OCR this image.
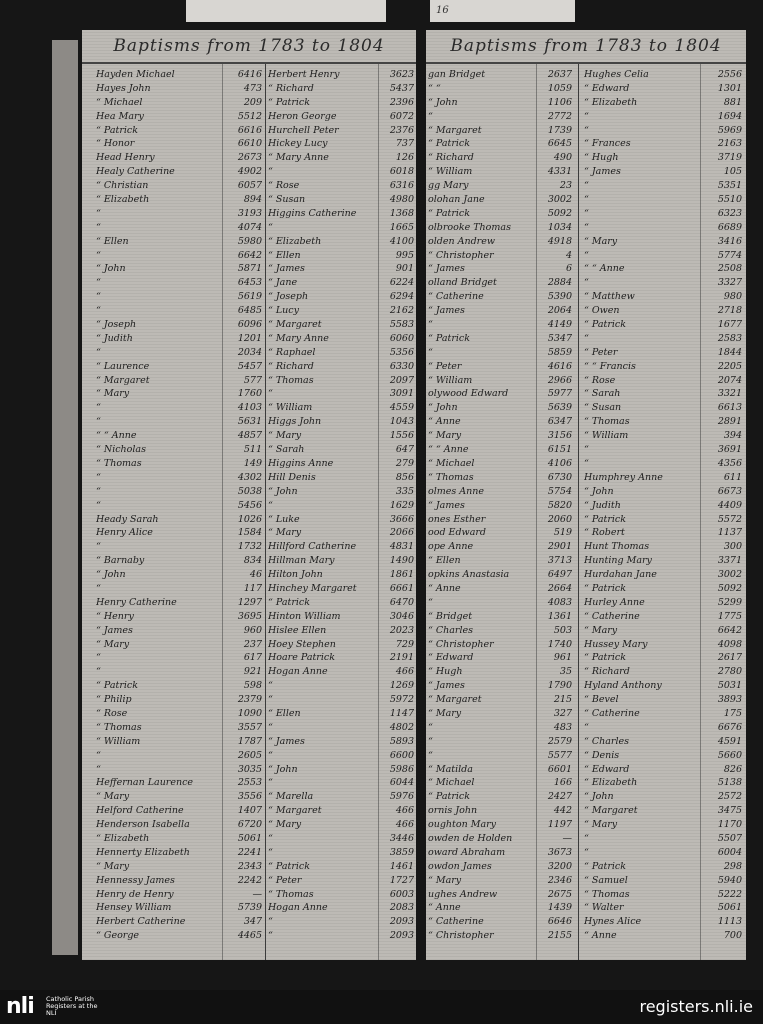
16
Baptisms from 1783 to 1804
Hayden Michael	6416 Herbert Henry	3623
Hayes John	473 “ Richard	5437
“ Michael	209 “ Patrick	2396
Hea Mary	5512 Heron George	6072
“ Patrick	6616 Hurchell Peter	2376
“ Honor	6610 Hickey Lucy	737
Head Henry	2673 “ Mary Anne	126
Healy Catherine	4902 “	6018
“ Christian	6057 “ Rose	6316
“ Elizabeth	894 “ Susan	4980
“	3193 Higgins Catherine	1368
“	4074 “	1665
“ Ellen	5980 “ Elizabeth	4100
“	6642 “ Ellen	995
“ John	5871 “ James	901
“	6453 “ Jane	6224
“	5619 “ Joseph	6294
“	6485 “ Lucy	2162
“ Joseph	6096 “ Margaret	5583
“ Judith	1201 “ Mary Anne	6060
“	2034 “ Raphael	5356
“ Laurence	5457 “ Richard	6330
“ Margaret	577 “ Thomas	2097
“ Mary	1760 “	3091
“	4103 “ William	4559
“	5631 Higgs John	1043
“ “ Anne	4857 “ Mary	1556
“ Nicholas	511 “ Sarah	647
“ Thomas	149 Higgins Anne	279
“	4302 Hill Denis	856
“	5038 “ John	335
“	5456 “	1629
Heady Sarah	1026 “ Luke	3666
Henry Alice	1584 “ Mary	2066
“	1732 Hillford Catherine	4831
“ Barnaby	834 Hillman Mary	1490
“ John	46 Hilton John	1861
“	117 Hinchey Margaret	6661
Henry Catherine	1297 “ Patrick	6470
“ Henry	3695 Hinton William	3046
“ James	960 Hislee Ellen	2023
“ Mary	237 Hoey Stephen	729
“	617 Hoare Patrick	2191
“	921 Hogan Anne	466
“ Patrick	598 “	1269
“ Philip	2379 “	5972
“ Rose	1090 “ Ellen	1147
“ Thomas	3557 “	4802
“ William	1787 “ James	5893
“	2605 “	6600
“	3035 “ John	5986
Heffernan Laurence	2553 “	6044
“ Mary	3556 “ Marella	5976
Helford Catherine	1407 “ Margaret	466
Henderson Isabella	6720 “ Mary	466
“ Elizabeth	5061 “	3446
Hennerty Elizabeth	2241 “	3859
“ Mary	2343 “ Patrick	1461
Hennessy James	2242 “ Peter	1727
Henry de Henry	— “ Thomas	6003
Hensey William	5739 Hogan Anne	2083
Herbert Catherine	347 “	2093
“ George	4465 “	2093
Baptisms from 1783 to 1804
gan Bridget	2637 Hughes Celia	2556
“ “	1059 “ Edward	1301
“ John	1106 “ Elizabeth	881
“	2772 “	1694
“ Margaret	1739 “	5969
“ Patrick	6645 “ Frances	2163
“ Richard	490 “ Hugh	3719
“ William	4331 “ James	105
gg Mary	23 “	5351
olohan Jane	3002 “	5510
“ Patrick	5092 “	6323
olbrooke Thomas	1034 “	6689
olden Andrew	4918 “ Mary	3416
“ Christopher	4 “	5774
“ James	6 “ “ Anne	2508
olland Bridget	2884 “	3327
“ Catherine	5390 “ Matthew	980
“ James	2064 “ Owen	2718
“	4149 “ Patrick	1677
“ Patrick	5347 “	2583
“	5859 “ Peter	1844
“ Peter	4616 “ “ Francis	2205
“ William	2966 “ Rose	2074
olywood Edward	5977 “ Sarah	3321
“ John	5639 “ Susan	6613
“ Anne	6347 “ Thomas	2891
“ Mary	3156 “ William	394
“ “ Anne	6151 “	3691
“ Michael	4106 “	4356
“ Thomas	6730 Humphrey Anne	611
olmes Anne	5754 “ John	6673
“ James	5820 “ Judith	4409
ones Esther	2060 “ Patrick	5572
ood Edward	519 “ Robert	1137
ope Anne	2901 Hunt Thomas	300
“ Ellen	3713 Hunting Mary	3371
opkins Anastasia	6497 Hurdahan Jane	3002
“ Anne	2664 “ Patrick	5092
“	4083 Hurley Anne	5299
“ Bridget	1361 “ Catherine	1775
“ Charles	503 “ Mary	6642
“ Christopher	1740 Hussey Mary	4098
“ Edward	961 “ Patrick	2617
“ Hugh	35 “ Richard	2780
“ James	1790 Hyland Anthony	5031
“ Margaret	215 “ Bevel	3893
“ Mary	327 “ Catherine	175
“	483 “	6676
“	2579 “ Charles	4591
“	5577 “ Denis	5660
“ Matilda	6601 “ Edward	826
“ Michael	166 “ Elizabeth	5138
“ Patrick	2427 “ John	2572
ornis John	442 “ Margaret	3475
oughton Mary	1197 “ Mary	1170
owden de Holden	— “	5507
oward Abraham	3673 “	6004
owdon James	3200 “ Patrick	298
“ Mary	2346 “ Samuel	5940
ughes Andrew	2675 “ Thomas	5222
“ Anne	1439 “ Walter	5061
“ Catherine	6646 Hynes Alice	1113
“ Christopher	2155 “ Anne	700
nli Catholic Parish Registers at the NLI	registers.nli.ie
